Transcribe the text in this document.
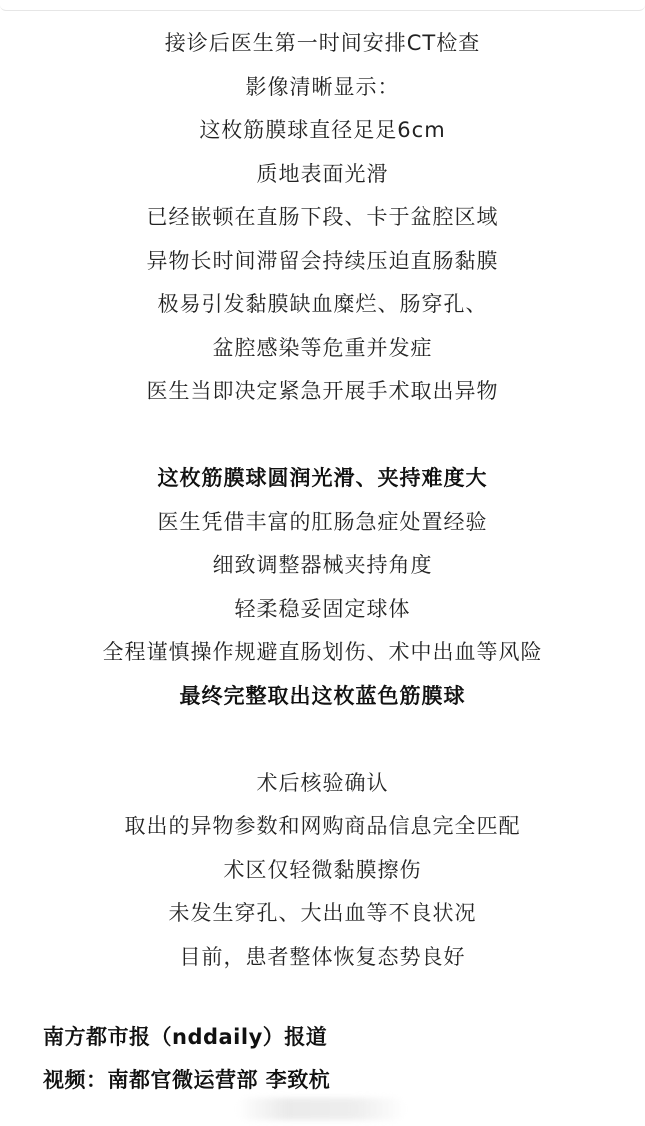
接诊后医生第一时间安排CT检查
影像清晰显示：
这枚筋膜球直径足足6cm
质地表面光滑
已经嵌顿在直肠下段、卡于盆腔区域
异物长时间滞留会持续压迫直肠黏膜
极易引发黏膜缺血糜烂、肠穿孔、
盆腔感染等危重并发症
医生当即决定紧急开展手术取出异物
这枚筋膜球圆润光滑、夹持难度大
医生凭借丰富的肛肠急症处置经验
细致调整器械夹持角度
轻柔稳妥固定球体
全程谨慎操作规避直肠划伤、术中出血等风险
最终完整取出这枚蓝色筋膜球
术后核验确认
取出的异物参数和网购商品信息完全匹配
术区仅轻微黏膜擦伤
未发生穿孔、大出血等不良状况
目前，患者整体恢复态势良好
南方都市报（nddaily）报道
视频：南都官微运营部 李致杭
